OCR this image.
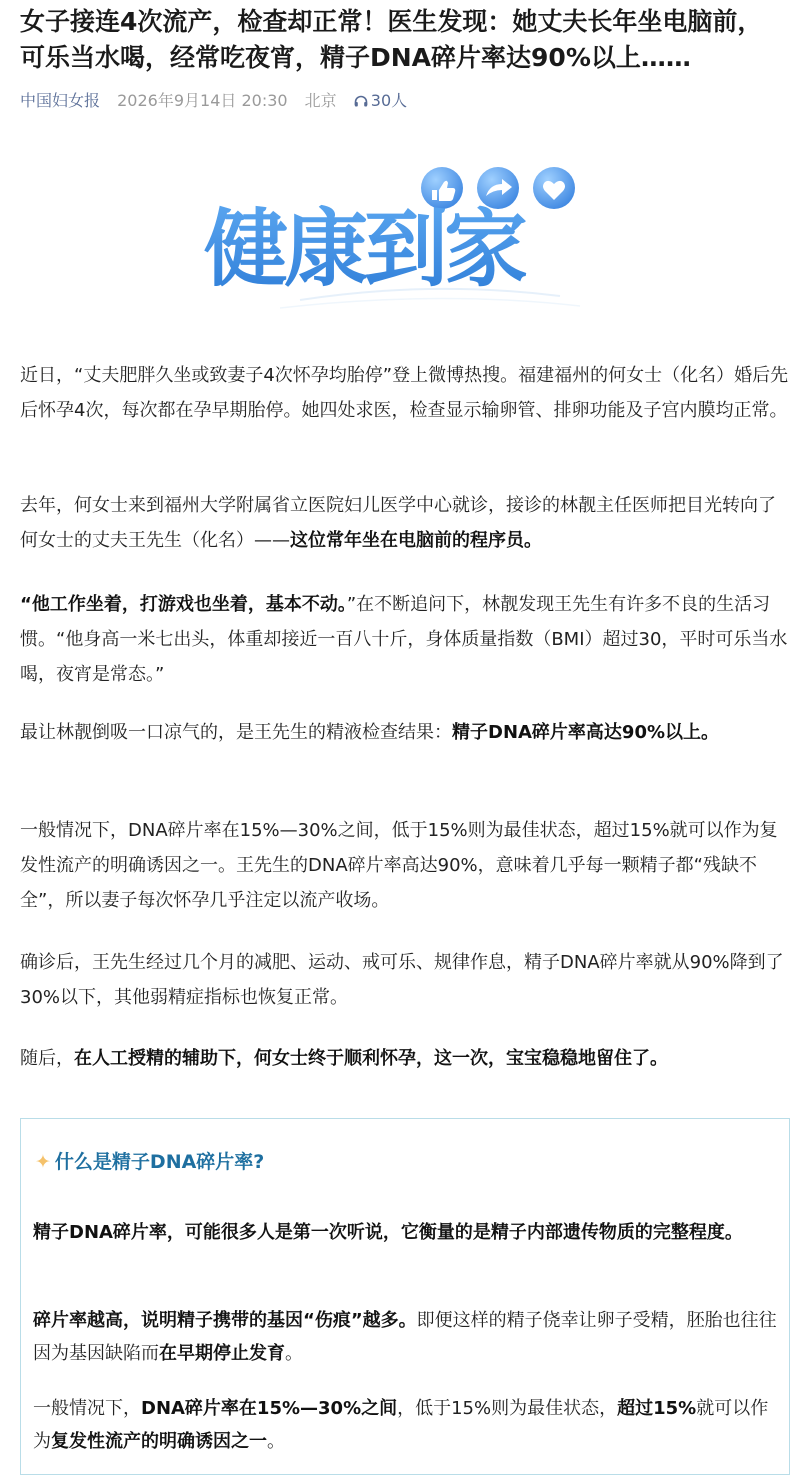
女子接连4次流产，检查却正常！医生发现：她丈夫长年坐电脑前，
可乐当水喝，经常吃夜宵，精子DNA碎片率达90%以上……
中国妇女报 2026年9月14日 20:30 北京 30人
健康到家

近日，“丈夫肥胖久坐或致妻子4次怀孕均胎停”登上微博热搜。福建福州的何女士（化名）婚后先后怀孕4次，每次都在孕早期胎停。她四处求医，检查显示输卵管、排卵功能及子宫内膜均正常。

去年，何女士来到福州大学附属省立医院妇儿医学中心就诊，接诊的林靓主任医师把目光转向了何女士的丈夫王先生（化名）——这位常年坐在电脑前的程序员。

“他工作坐着，打游戏也坐着，基本不动。”在不断追问下，林靓发现王先生有许多不良的生活习惯。“他身高一米七出头，体重却接近一百八十斤，身体质量指数（BMI）超过30，平时可乐当水喝，夜宵是常态。”

最让林靓倒吸一口凉气的，是王先生的精液检查结果：精子DNA碎片率高达90%以上。

一般情况下，DNA碎片率在15%—30%之间，低于15%则为最佳状态，超过15%就可以作为复发性流产的明确诱因之一。王先生的DNA碎片率高达90%，意味着几乎每一颗精子都“残缺不全”，所以妻子每次怀孕几乎注定以流产收场。

确诊后，王先生经过几个月的减肥、运动、戒可乐、规律作息，精子DNA碎片率就从90%降到了30%以下，其他弱精症指标也恢复正常。

随后，在人工授精的辅助下，何女士终于顺利怀孕，这一次，宝宝稳稳地留住了。

✦ 什么是精子DNA碎片率?

精子DNA碎片率，可能很多人是第一次听说，它衡量的是精子内部遗传物质的完整程度。

碎片率越高，说明精子携带的基因“伤痕”越多。即便这样的精子侥幸让卵子受精，胚胎也往往因为基因缺陷而在早期停止发育。

一般情况下，DNA碎片率在15%—30%之间，低于15%则为最佳状态，超过15%就可以作为复发性流产的明确诱因之一。
